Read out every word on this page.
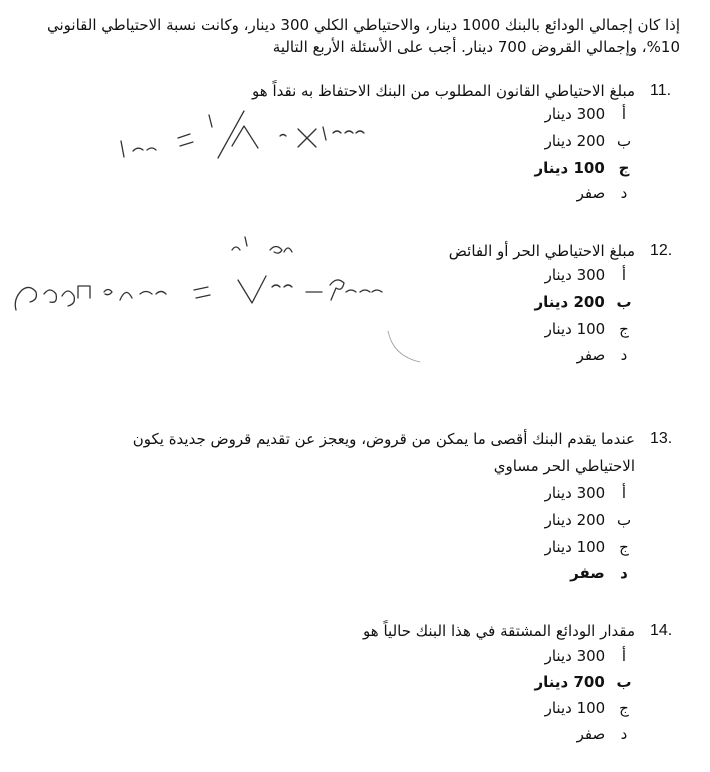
إذا كان إجمالي الودائع بالبنك 1000 دينار، والاحتياطي الكلي 300 دينار، وكانت نسبة الاحتياطي القانوني 10%، وإجمالي القروض 700 دينار. أجب على الأسئلة الأربع التالية
11.
مبلغ الاحتياطي القانون المطلوب من البنك الاحتفاظ به نقداً هو
أ 300 دينار
ب 200 دينار
ج 100 دينار
د صفر
12.
مبلغ الاحتياطي الحر أو الفائض
أ 300 دينار
ب 200 دينار
ج 100 دينار
د صفر
13.
عندما يقدم البنك أقصى ما يمكن من قروض، ويعجز عن تقديم قروض جديدة يكون
الاحتياطي الحر مساوي
أ 300 دينار
ب 200 دينار
ج 100 دينار
د صفر
14.
مقدار الودائع المشتقة في هذا البنك حالياً هو
أ 300 دينار
ب 700 دينار
ج 100 دينار
د صفر
